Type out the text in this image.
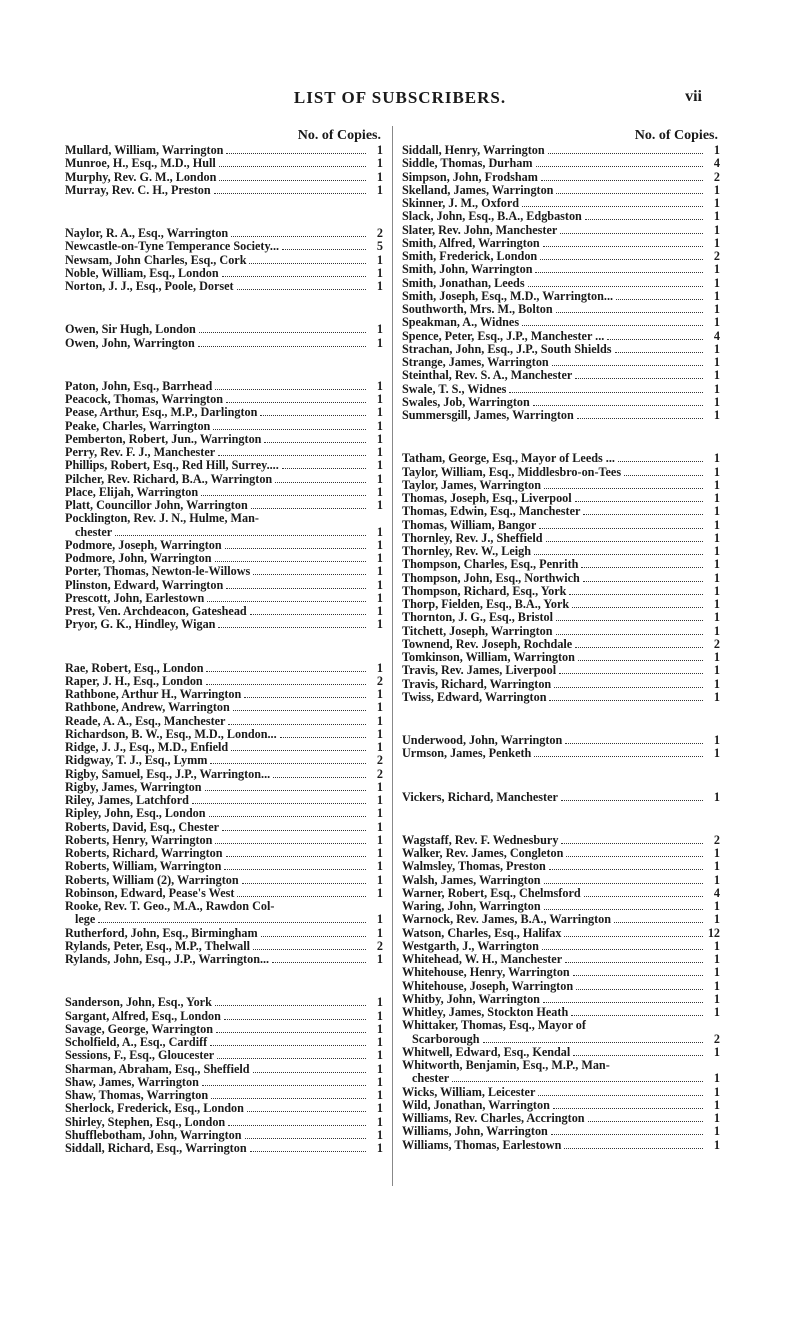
LIST OF SUBSCRIBERS.	vii
No. of Copies.
Mullard, William, Warrington	1
Munroe, H., Esq., M.D., Hull	1
Murphy, Rev. G. M., London	1
Murray, Rev. C. H., Preston	1
Naylor, R. A., Esq., Warrington	2
Newcastle-on-Tyne Temperance Society...	5
Newsam, John Charles, Esq., Cork	1
Noble, William, Esq., London	1
Norton, J. J., Esq., Poole, Dorset	1
Owen, Sir Hugh, London	1
Owen, John, Warrington	1
Paton, John, Esq., Barrhead	1
Peacock, Thomas, Warrington	1
Pease, Arthur, Esq., M.P., Darlington	1
Peake, Charles, Warrington	1
Pemberton, Robert, Jun., Warrington	1
Perry, Rev. F. J., Manchester	1
Phillips, Robert, Esq., Red Hill, Surrey....	1
Pilcher, Rev. Richard, B.A., Warrington	1
Place, Elijah, Warrington	1
Platt, Councillor John, Warrington	1
Pocklington, Rev. J. N., Hulme, Man-
chester	1
Podmore, Joseph, Warrington	1
Podmore, John, Warrington	1
Porter, Thomas, Newton-le-Willows	1
Plinston, Edward, Warrington	1
Prescott, John, Earlestown	1
Prest, Ven. Archdeacon, Gateshead	1
Pryor, G. K., Hindley, Wigan	1
Rae, Robert, Esq., London	1
Raper, J. H., Esq., London	2
Rathbone, Arthur H., Warrington	1
Rathbone, Andrew, Warrington	1
Reade, A. A., Esq., Manchester	1
Richardson, B. W., Esq., M.D., London...	1
Ridge, J. J., Esq., M.D., Enfield	1
Ridgway, T. J., Esq., Lymm	2
Rigby, Samuel, Esq., J.P., Warrington...	2
Rigby, James, Warrington	1
Riley, James, Latchford	1
Ripley, John, Esq., London	1
Roberts, David, Esq., Chester	1
Roberts, Henry, Warrington	1
Roberts, Richard, Warrington	1
Roberts, William, Warrington	1
Roberts, William (2), Warrington	1
Robinson, Edward, Pease's West	1
Rooke, Rev. T. Geo., M.A., Rawdon Col-
lege	1
Rutherford, John, Esq., Birmingham	1
Rylands, Peter, Esq., M.P., Thelwall	2
Rylands, John, Esq., J.P., Warrington...	1
Sanderson, John, Esq., York	1
Sargant, Alfred, Esq., London	1
Savage, George, Warrington	1
Scholfield, A., Esq., Cardiff	1
Sessions, F., Esq., Gloucester	1
Sharman, Abraham, Esq., Sheffield	1
Shaw, James, Warrington	1
Shaw, Thomas, Warrington	1
Sherlock, Frederick, Esq., London	1
Shirley, Stephen, Esq., London	1
Shufflebotham, John, Warrington	1
Siddall, Richard, Esq., Warrington	1
No. of Copies.
Siddall, Henry, Warrington	1
Siddle, Thomas, Durham	4
Simpson, John, Frodsham	2
Skelland, James, Warrington	1
Skinner, J. M., Oxford	1
Slack, John, Esq., B.A., Edgbaston	1
Slater, Rev. John, Manchester	1
Smith, Alfred, Warrington	1
Smith, Frederick, London	2
Smith, John, Warrington	1
Smith, Jonathan, Leeds	1
Smith, Joseph, Esq., M.D., Warrington...	1
Southworth, Mrs. M., Bolton	1
Speakman, A., Widnes	1
Spence, Peter, Esq., J.P., Manchester ...	4
Strachan, John, Esq., J.P., South Shields	1
Strange, James, Warrington	1
Steinthal, Rev. S. A., Manchester	1
Swale, T. S., Widnes	1
Swales, Job, Warrington	1
Summersgill, James, Warrington	1
Tatham, George, Esq., Mayor of Leeds ...	1
Taylor, William, Esq., Middlesbro-on-Tees	1
Taylor, James, Warrington	1
Thomas, Joseph, Esq., Liverpool	1
Thomas, Edwin, Esq., Manchester	1
Thomas, William, Bangor	1
Thornley, Rev. J., Sheffield	1
Thornley, Rev. W., Leigh	1
Thompson, Charles, Esq., Penrith	1
Thompson, John, Esq., Northwich	1
Thompson, Richard, Esq., York	1
Thorp, Fielden, Esq., B.A., York	1
Thornton, J. G., Esq., Bristol	1
Titchett, Joseph, Warrington	1
Townend, Rev. Joseph, Rochdale	2
Tomkinson, William, Warrington	1
Travis, Rev. James, Liverpool	1
Travis, Richard, Warrington	1
Twiss, Edward, Warrington	1
Underwood, John, Warrington	1
Urmson, James, Penketh	1
Vickers, Richard, Manchester	1
Wagstaff, Rev. F. Wednesbury	2
Walker, Rev. James, Congleton	1
Walmsley, Thomas, Preston	1
Walsh, James, Warrington	1
Warner, Robert, Esq., Chelmsford	4
Waring, John, Warrington	1
Warnock, Rev. James, B.A., Warrington	1
Watson, Charles, Esq., Halifax	12
Westgarth, J., Warrington	1
Whitehead, W. H., Manchester	1
Whitehouse, Henry, Warrington	1
Whitehouse, Joseph, Warrington	1
Whitby, John, Warrington	1
Whitley, James, Stockton Heath	1
Whittaker, Thomas, Esq., Mayor of
Scarborough	2
Whitwell, Edward, Esq., Kendal	1
Whitworth, Benjamin, Esq., M.P., Man-
chester	1
Wicks, William, Leicester	1
Wild, Jonathan, Warrington	1
Williams, Rev. Charles, Accrington	1
Williams, John, Warrington	1
Williams, Thomas, Earlestown	1
